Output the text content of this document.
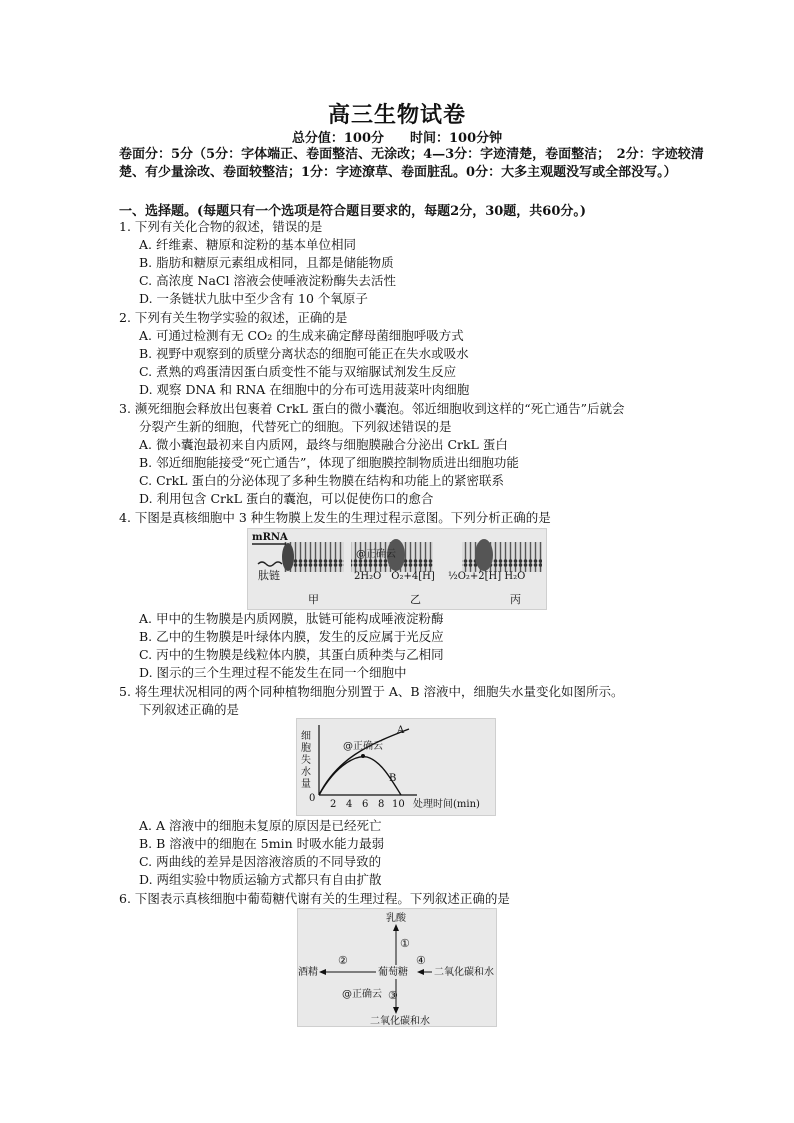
高三生物试卷
总分值：100分　　时间：100分钟
卷面分：5分（5分：字体端正、卷面整洁、无涂改；4—3分：字迹清楚，卷面整洁；　2分：字迹较清楚、有少量涂改、卷面较整洁；1分：字迹潦草、卷面脏乱。0分：大多主观题没写或全部没写。）
一、选择题。(每题只有一个选项是符合题目要求的，每题2分，30题，共60分。)
1. 下列有关化合物的叙述，错误的是
A. 纤维素、糖原和淀粉的基本单位相同
B. 脂肪和糖原元素组成相同，且都是储能物质
C. 高浓度 NaCl 溶液会使唾液淀粉酶失去活性
D. 一条链状九肽中至少含有 10 个氧原子
2. 下列有关生物学实验的叙述，正确的是
A. 可通过检测有无 CO₂ 的生成来确定酵母菌细胞呼吸方式
B. 视野中观察到的质壁分离状态的细胞可能正在失水或吸水
C. 煮熟的鸡蛋清因蛋白质变性不能与双缩脲试剂发生反应
D. 观察 DNA 和 RNA 在细胞中的分布可选用菠菜叶肉细胞
3. 濒死细胞会释放出包裹着 CrkL 蛋白的微小囊泡。邻近细胞收到这样的“死亡通告”后就会
分裂产生新的细胞，代替死亡的细胞。下列叙述错误的是
A. 微小囊泡最初来自内质网，最终与细胞膜融合分泌出 CrkL 蛋白
B. 邻近细胞能接受“死亡通告”，体现了细胞膜控制物质进出细胞功能
C. CrkL 蛋白的分泌体现了多种生物膜在结构和功能上的紧密联系
D. 利用包含 CrkL 蛋白的囊泡，可以促使伤口的愈合
4. 下图是真核细胞中 3 种生物膜上发生的生理过程示意图。下列分析正确的是
@正确云
mRNA
肽链	2H₂O　O₂+4[H] ½O₂+2[H] H₂O
甲	乙	丙
A. 甲中的生物膜是内质网膜，肽链可能构成唾液淀粉酶
B. 乙中的生物膜是叶绿体内膜，发生的反应属于光反应
C. 丙中的生物膜是线粒体内膜，其蛋白质种类与乙相同
D. 图示的三个生理过程不能发生在同一个细胞中
5. 将生理状况相同的两个同种植物细胞分别置于 A、B 溶液中，细胞失水量变化如图所示。
下列叙述正确的是
细
胞
失
水
量
0
2 4 6 8 10 处理时间(min)
A
B
@正确云
A. A 溶液中的细胞未复原的原因是已经死亡
B. B 溶液中的细胞在 5min 时吸水能力最弱
C. 两曲线的差异是因溶液溶质的不同导致的
D. 两组实验中物质运输方式都只有自由扩散
6. 下图表示真核细胞中葡萄糖代谢有关的生理过程。下列叙述正确的是
乳酸
①
酒精
②
葡萄糖
④
二氧化碳和水
③
二氧化碳和水
@正确云
